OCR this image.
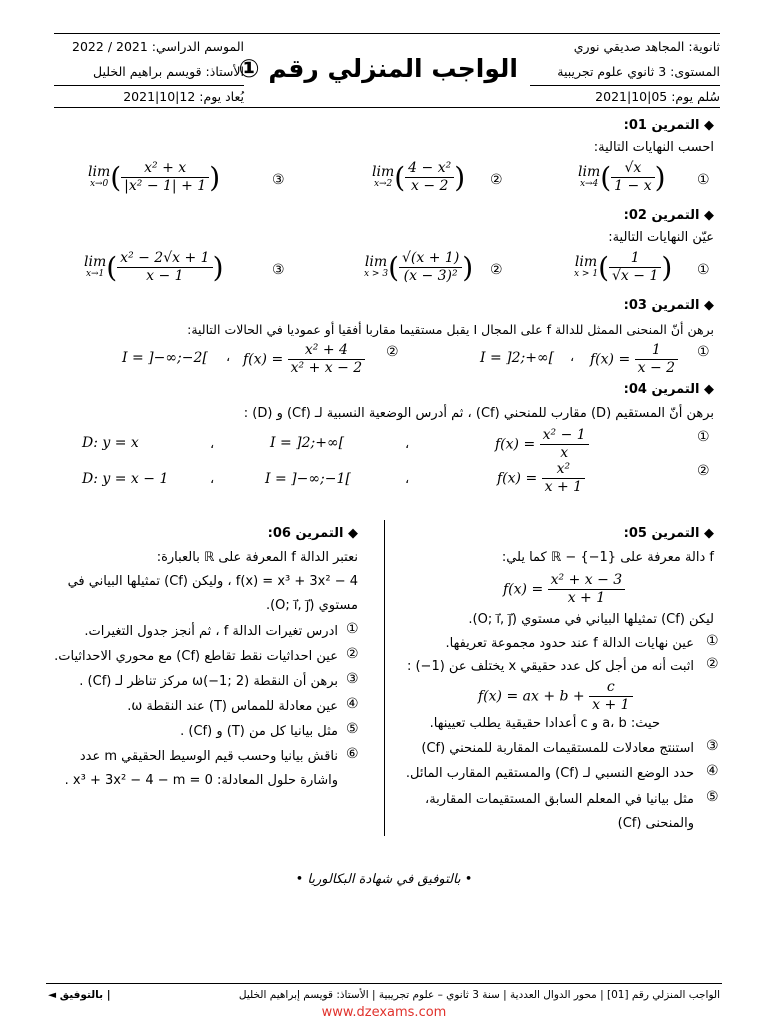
ثانوية: المجاهد صديقي نوري
المستوى: 3 ثانوي علوم تجريبية
سُلم يوم: 05|10|2021
الموسم الدراسي: 2021 / 2022
الأستاذ: قويسم براهيم الخليل
يُعاد يوم: 12|10|2021
الواجب المنزلي رقم ①
◆ التمرين 01:
احسب النهايات التالية:
①
lim
x→4 ( $\frac{√x}{1 - x}$ )
②
lim
x→2 ( $\frac{\text{4 − x²}}{x - 2}$ )
③
lim
x→0 ( $\frac{\text{x² + x}}{\text{|x² − 1| + 1}}$ )
◆ التمرين 02:
عيّن النهايات التالية:
①
lim
x > 1 ( $\frac{1}{√x - 1}$ )
②
lim
x > 3 ( $\frac{√(x + 1)}{\text{(x − 3)²}}$ )
③
lim
x→1 ( $\frac{\text{x² − 2√x + 1}}{x - 1}$ )
◆ التمرين 03:
برهن أنّ المنحنى الممثل للدالة f على المجال I يقبل مستقيما مقاربا أفقيا أو عموديا في الحالات التالية:
①
$f(x) = \frac{1}{x - 2}$
،
I = ]2;+∞[
②
$f(x) = \frac{\text{x² + 4}}{\text{x² + x − 2}}$
،
I = ]−∞;−2[
◆ التمرين 04:
برهن أنّ المستقيم (D) مقارب للمنحني (Cf) ، ثم أدرس الوضعية النسبية لـ (Cf) و (D) :
①
$f(x) = \frac{\text{x² − 1}}{x}$
،
I = ]2;+∞[
،
D: y = x
②
$f(x) = \frac{\text{x²}}{x + 1}$
،
I = ]−∞;−1[
،
D: y = x − 1
◆ التمرين 05:
f دالة معرفة على {1−} − ℝ كما يلي:
$f(x) = \frac{\text{x² + x − 3}}{x + 1}$
ليكن (Cf) تمثيلها البياني في مستوي (O; i⃗, j⃗).
①
عين نهايات الدالة f عند حدود مجموعة تعريفها.
②
اثبت أنه من أجل كل عدد حقيقي x يختلف عن (1−) :
f(x) = ax + $b + \frac{c}{x + 1}$
حيث: a، b و c أعدادا حقيقية يطلب تعيينها.
③
استنتج معادلات للمستقيمات المقاربة للمنحني (Cf)
④
حدد الوضع النسبي لـ (Cf) والمستقيم المقارب المائل.
⑤
مثل بيانيا في المعلم السابق المستقيمات المقاربة،
والمنحنى (Cf)
◆ التمرين 06:
نعتبر الدالة f المعرفة على ℝ بالعبارة:
f(x) = x³ + 3x² − 4 ، وليكن (Cf) تمثيلها البياني في
مستوي (O; i⃗, j⃗).
①
ادرس تغيرات الدالة f ، ثم أنجز جدول التغيرات.
②
عين احداثيات نقط تقاطع (Cf) مع محوري الاحداثيات.
③
برهن أن النقطة (2 ;1−)ω مركز تناظر لـ (Cf) .
④
عين معادلة للمماس (T) عند النقطة ω.
⑤
مثل بيانيا كل من (T) و (Cf) .
⑥
ناقش بيانيا وحسب قيم الوسيط الحقيقي m عدد
واشارة حلول المعادلة: x³ + 3x² − 4 − m = 0 .
• بالتوفيق في شهادة البكالوريا •
| بالتوفيق ◄	الواجب المنزلي رقم [01] | محور الدوال العددية | سنة 3 ثانوي – علوم تجريبية | الأستاذ: قويسم إبراهيم الخليل
www.dzexams.com
